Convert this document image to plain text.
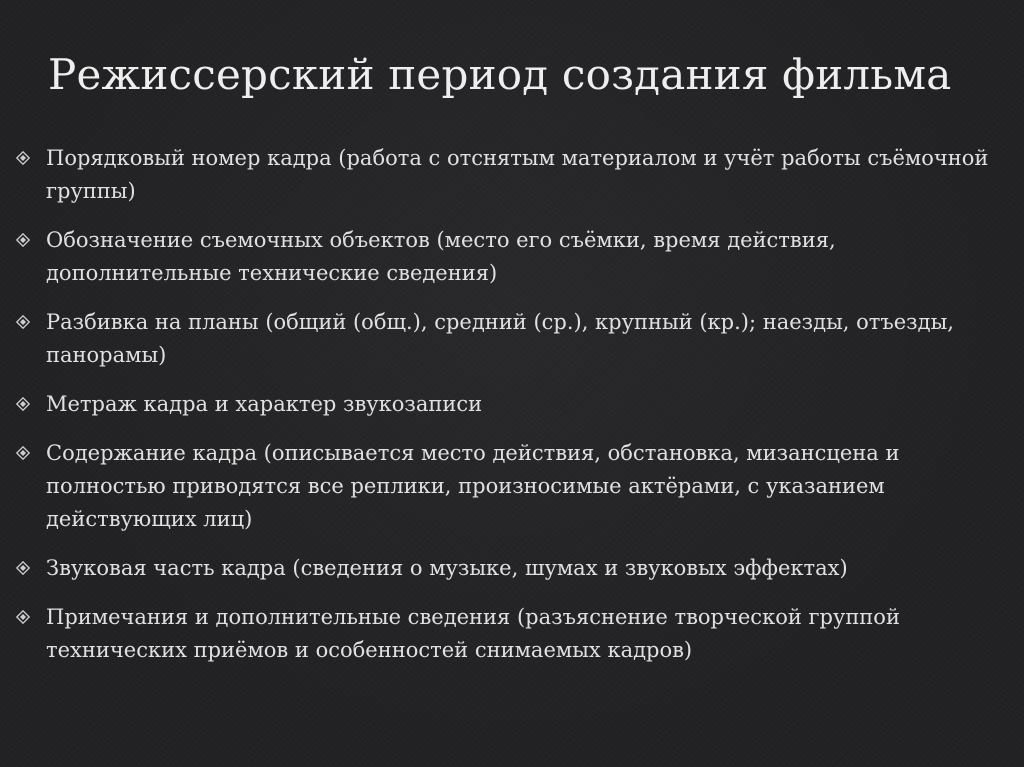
Режиссерский период создания фильма
Порядковый номер кадра (работа с отснятым материалом и учёт работы съёмочной группы)
Обозначение съемочных объектов (место его съёмки, время действия, дополнительные технические сведения)
Разбивка на планы (общий (общ.), средний (ср.), крупный (кр.); наезды, отъезды, панорамы)
Метраж кадра и характер звукозаписи
Содержание кадра (описывается место действия, обстановка, мизансцена и полностью приводятся все реплики, произносимые актёрами, с указанием действующих лиц)
Звуковая часть кадра (сведения о музыке, шумах и звуковых эффектах)
Примечания и дополнительные сведения (разъяснение творческой группой технических приёмов и особенностей снимаемых кадров)
